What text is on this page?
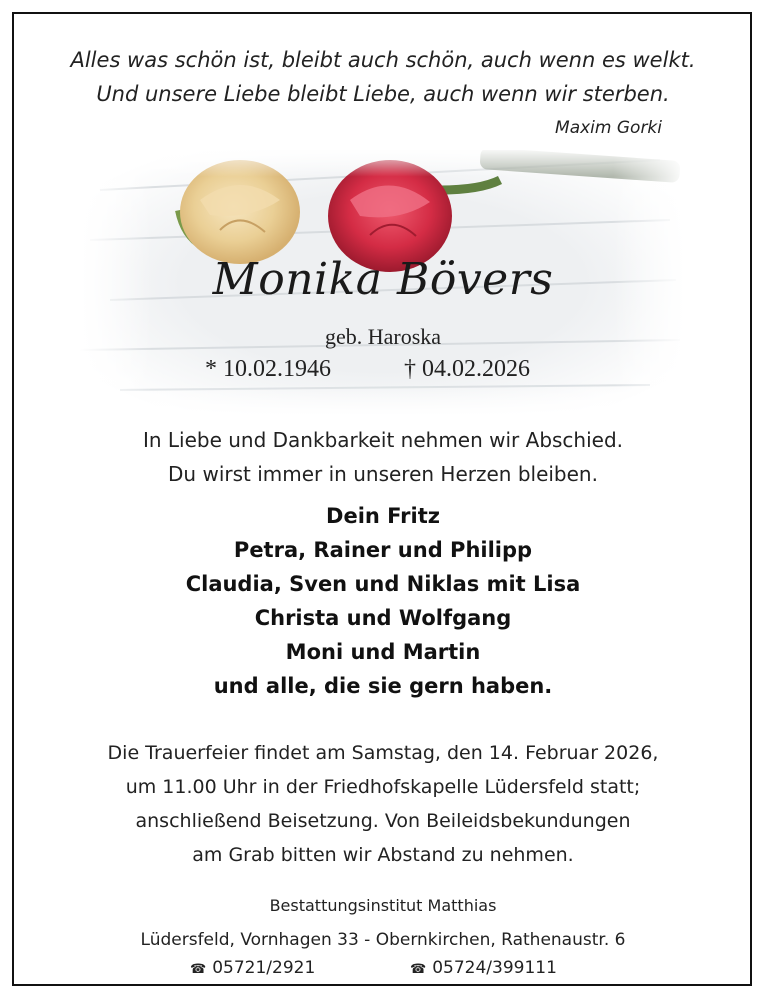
Alles was schön ist, bleibt auch schön, auch wenn es welkt.
Und unsere Liebe bleibt Liebe, auch wenn wir sterben.
Maxim Gorki
Monika Bövers
geb. Haroska
* 10.02.1946	† 04.02.2026
In Liebe und Dankbarkeit nehmen wir Abschied.
Du wirst immer in unseren Herzen bleiben.
Dein Fritz
Petra, Rainer und Philipp
Claudia, Sven und Niklas mit Lisa
Christa und Wolfgang
Moni und Martin
und alle, die sie gern haben.
Die Trauerfeier findet am Samstag, den 14. Februar 2026,
um 11.00 Uhr in der Friedhofskapelle Lüdersfeld statt;
anschließend Beisetzung. Von Beileidsbekundungen
am Grab bitten wir Abstand zu nehmen.
Bestattungsinstitut Matthias
Lüdersfeld, Vornhagen 33 - Obernkirchen, Rathenaustr. 6
☎ 05721/2921	☎ 05724/399111
